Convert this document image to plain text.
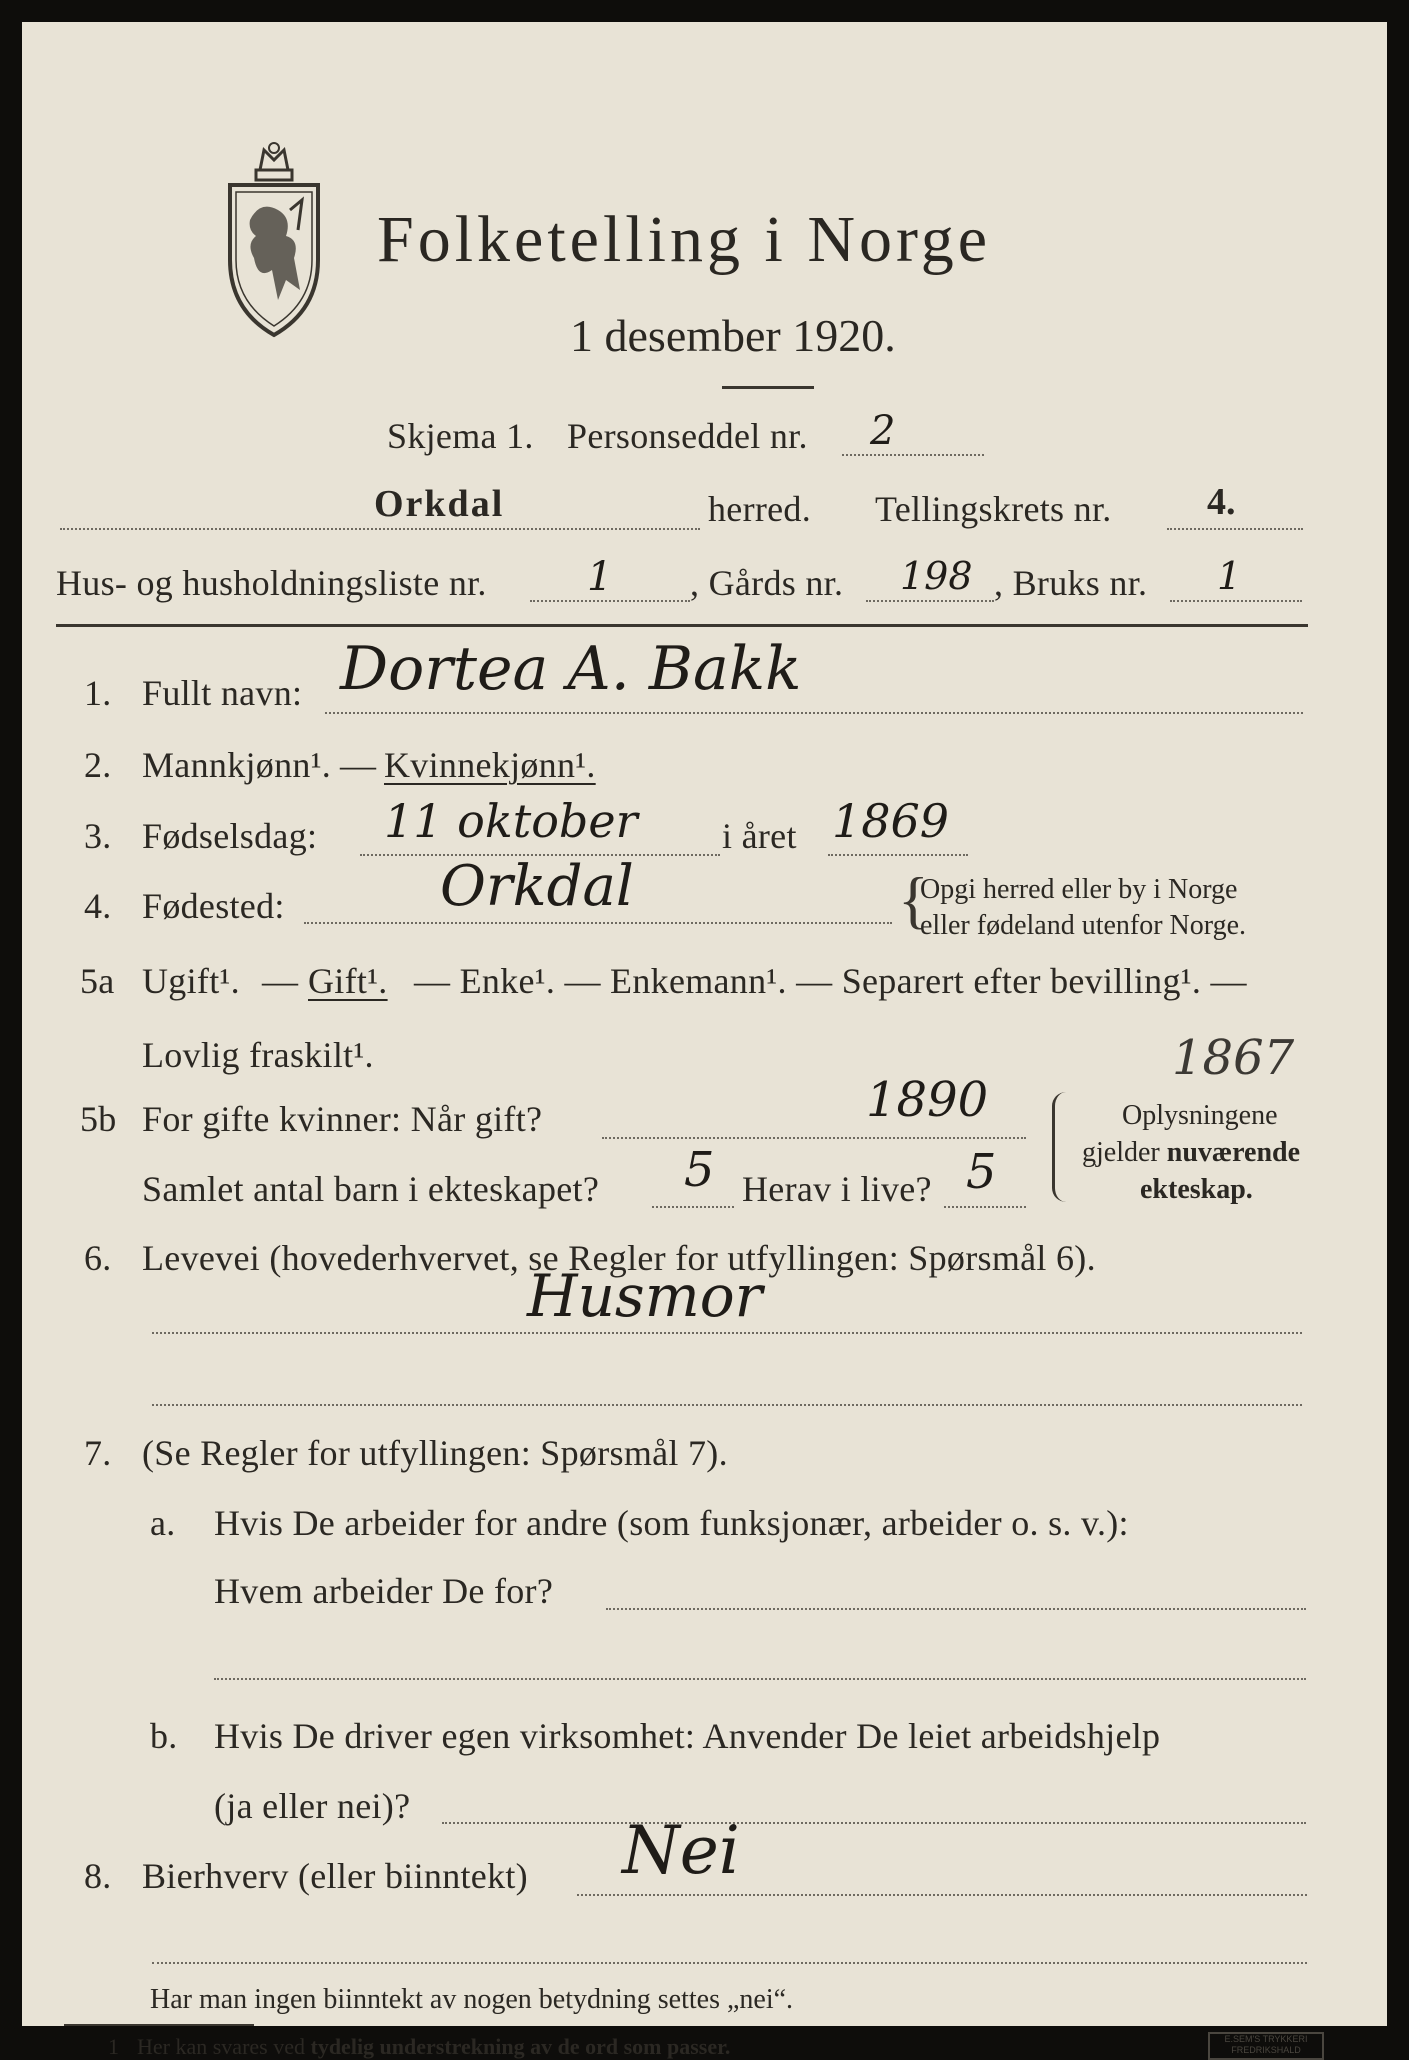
Folketelling i Norge
1 desember 1920.
Skjema 1. Personseddel nr. 2
Orkdal	herred. Tellingskrets nr.	4.
Hus- og husholdningsliste nr.	1 , Gårds nr. 198 , Bruks nr. 1
1. Fullt navn: Dortea A. Bakk
2. Mannkjønn¹. — Kvinnekjønn¹.
3. Fødselsdag: 11 oktober i året 1869
4. Fødested:	Orkdal	{
Opgi herred eller by i Norge
eller fødeland utenfor Norge.
5a Ugift¹. — Gift¹. — Enke¹. — Enkemann¹. — Separert efter bevilling¹. —
Lovlig fraskilt¹.	1867
5b For gifte kvinner: Når gift?	1890
Samlet antal barn i ekteskapet? 5 Herav i live? 5
Oplysningene
gjelder nuværende
ekteskap.
6. Levevei (hovederhvervet, se Regler for utfyllingen: Spørsmål 6).
Husmor
7. (Se Regler for utfyllingen: Spørsmål 7).
a. Hvis De arbeider for andre (som funksjonær, arbeider o. s. v.):
Hvem arbeider De for?
b. Hvis De driver egen virksomhet: Anvender De leiet arbeidshjelp
(ja eller nei)?
8. Bierhverv (eller biinntekt) Nei
Har man ingen biinntekt av nogen betydning settes „nei“.
1 Her kan svares ved tydelig understrekning av de ord som passer.	E.SEM'S TRYKKERI
FREDRIKSHALD
